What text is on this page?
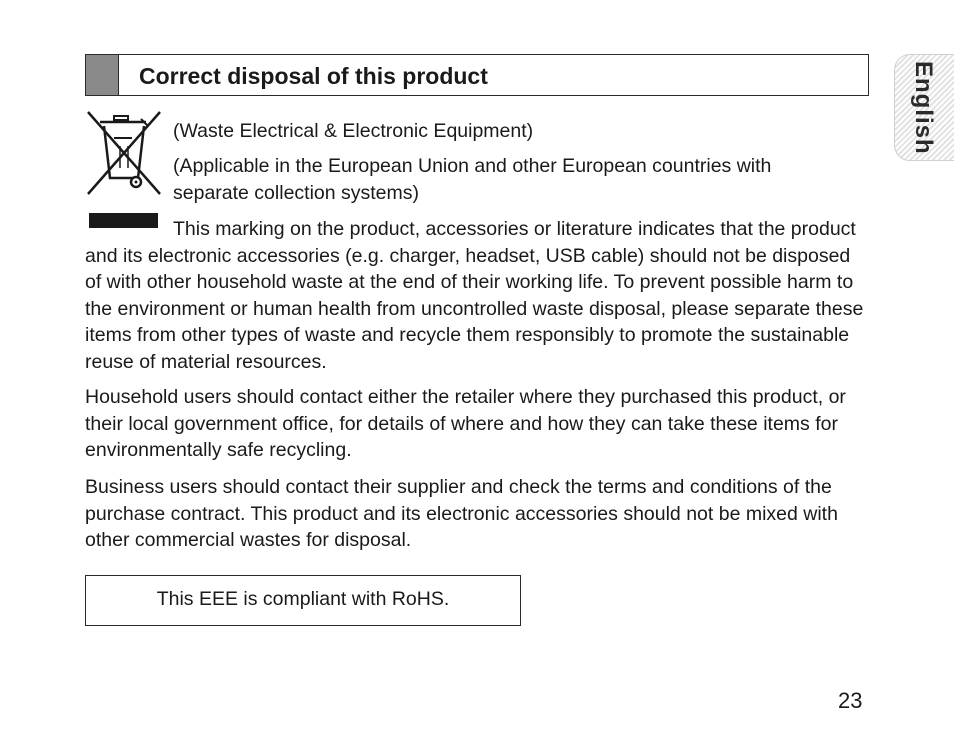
Correct disposal of this product	English

(Waste Electrical & Electronic Equipment)

(Applicable in the European Union and other European countries with separate collection systems)

This marking on the product, accessories or literature indicates that the product and its electronic accessories (e.g. charger, headset, USB cable) should not be disposed of with other household waste at the end of their working life. To prevent possible harm to the environment or human health from uncontrolled waste disposal, please separate these items from other types of waste and recycle them responsibly to promote the sustainable reuse of material resources.

Household users should contact either the retailer where they purchased this product, or their local government office, for details of where and how they can take these items for environmentally safe recycling.

Business users should contact their supplier and check the terms and conditions of the purchase contract. This product and its electronic accessories should not be mixed with other commercial wastes for disposal.

This EEE is compliant with RoHS.
23
